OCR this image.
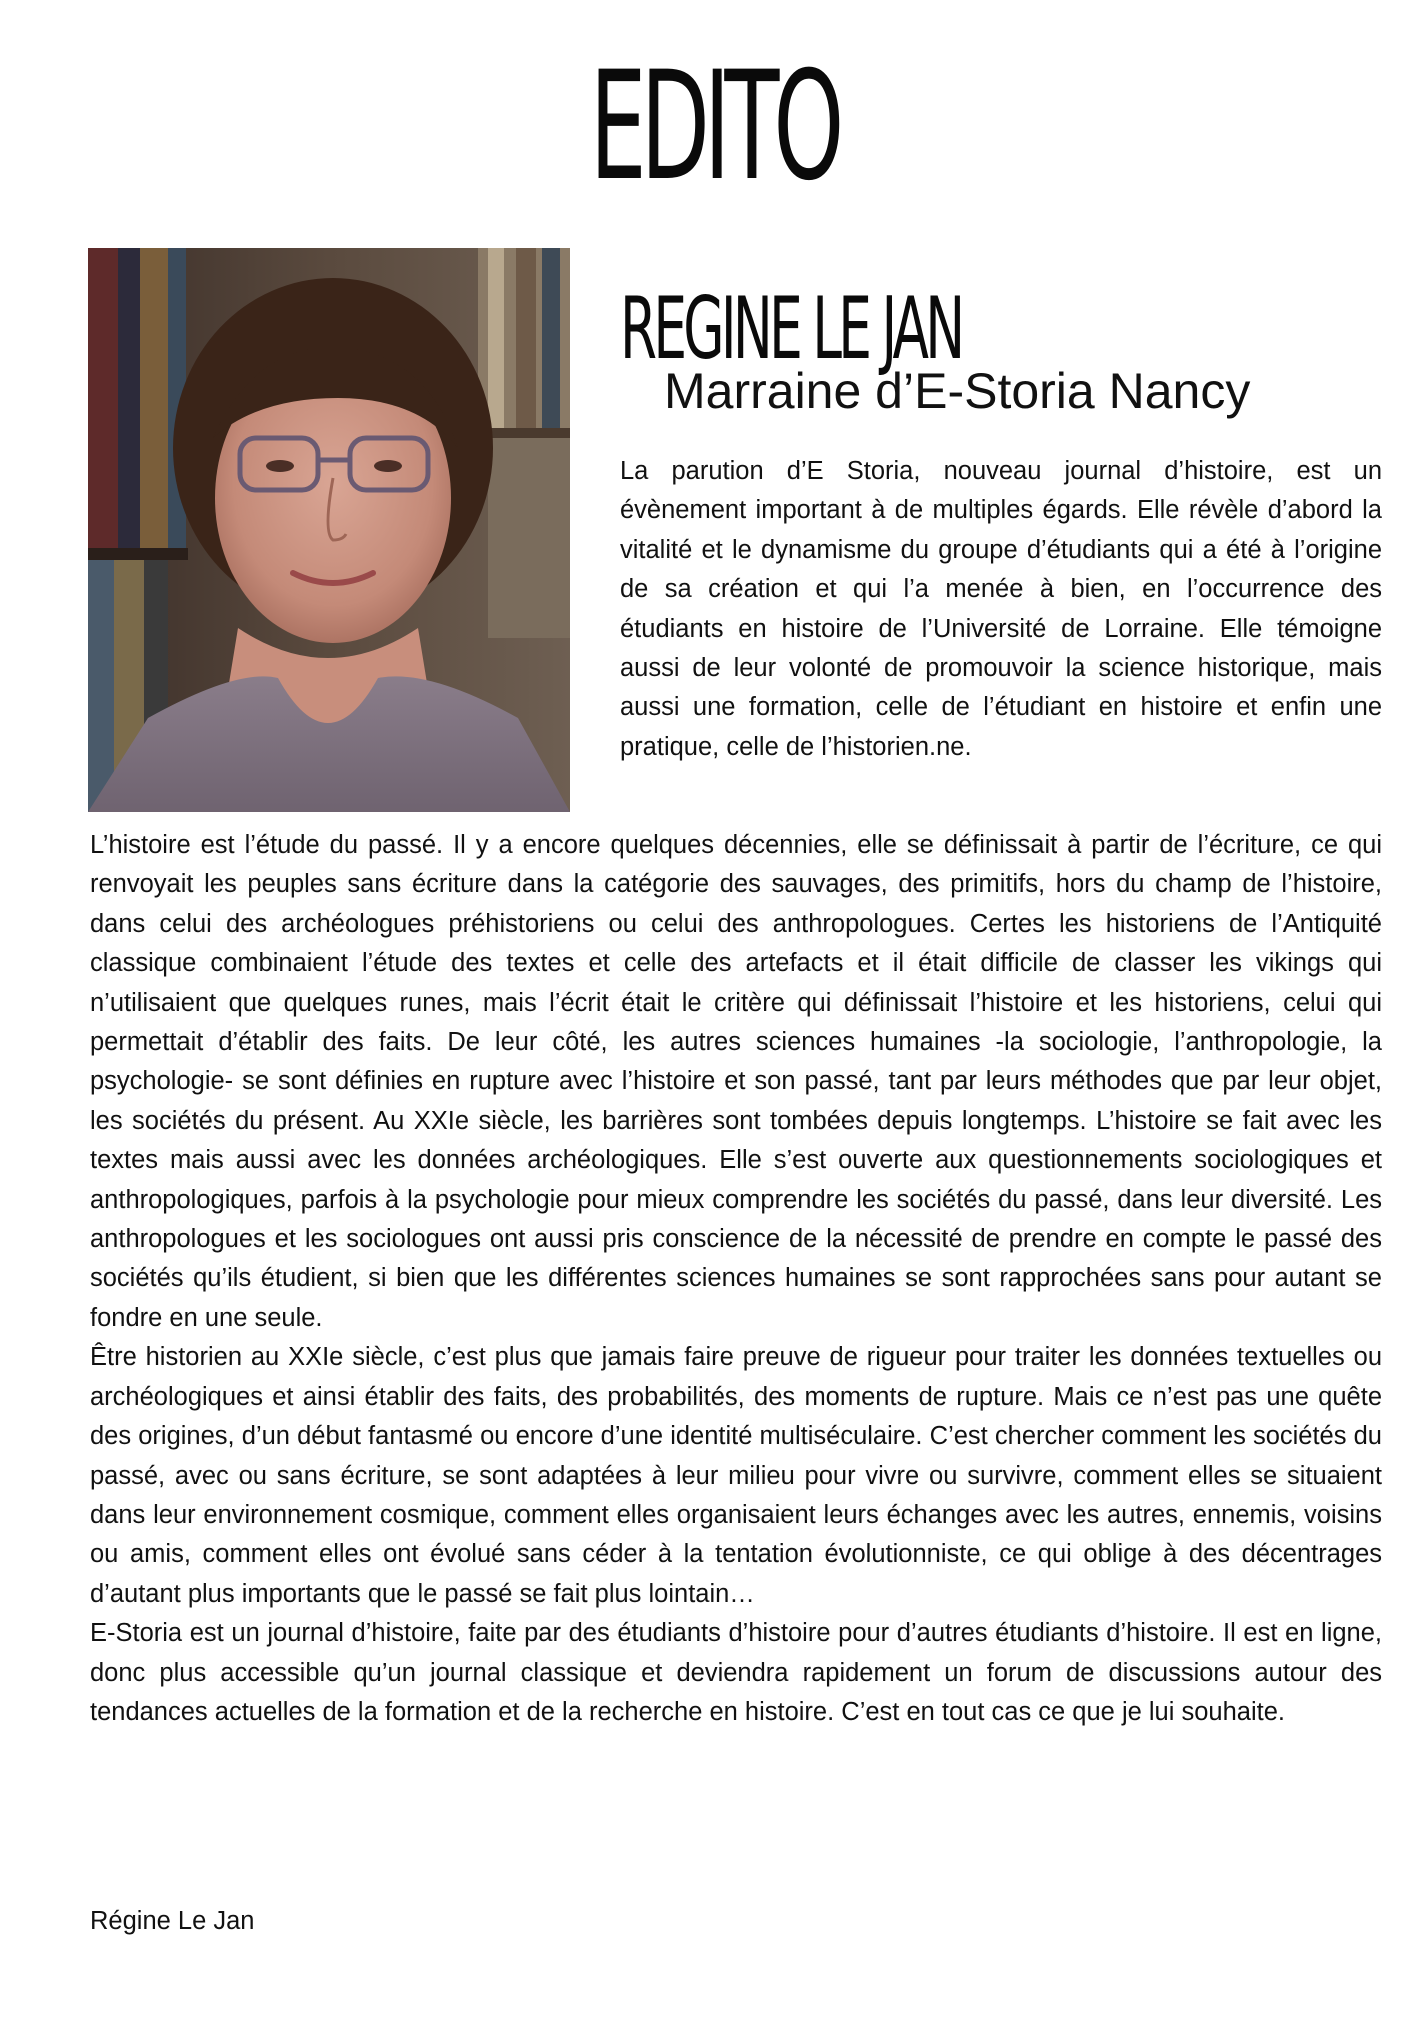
EDITO
REGINE LE JAN
Marraine d’E-Storia Nancy

La parution d’E Storia, nouveau journal d’histoire, est un évènement important à de multiples égards. Elle révèle d’abord la vitalité et le dynamisme du groupe d’étudiants qui a été à l’origine de sa création et qui l’a menée à bien, en l’occurrence des étudiants en histoire de l’Université de Lorraine. Elle témoigne aussi de leur volonté de promouvoir la science historique, mais aussi une formation, celle de l’étudiant en histoire et enfin une pratique, celle de l’historien.ne.

L’histoire est l’étude du passé. Il y a encore quelques décennies, elle se définissait à partir de l’écriture, ce qui renvoyait les peuples sans écriture dans la catégorie des sauvages, des primitifs, hors du champ de l’histoire, dans celui des archéologues préhistoriens ou celui des anthropologues. Certes les historiens de l’Antiquité classique combinaient l’étude des textes et celle des artefacts et il était difficile de classer les vikings qui n’utilisaient que quelques runes, mais l’écrit était le critère qui définissait l’histoire et les historiens, celui qui permettait d’établir des faits. De leur côté, les autres sciences humaines -la sociologie, l’anthropologie, la psychologie- se sont définies en rupture avec l’histoire et son passé, tant par leurs méthodes que par leur objet, les sociétés du présent. Au XXIe siècle, les barrières sont tombées depuis longtemps. L’histoire se fait avec les textes mais aussi avec les données archéologiques. Elle s’est ouverte aux questionnements sociologiques et anthropologiques, parfois à la psychologie pour mieux comprendre les sociétés du passé, dans leur diversité. Les anthropologues et les sociologues ont aussi pris conscience de la nécessité de prendre en compte le passé des sociétés qu’ils étudient, si bien que les différentes sciences humaines se sont rapprochées sans pour autant se fondre en une seule.

Être historien au XXIe siècle, c’est plus que jamais faire preuve de rigueur pour traiter les données textuelles ou archéologiques et ainsi établir des faits, des probabilités, des moments de rupture. Mais ce n’est pas une quête des origines, d’un début fantasmé ou encore d’une identité multiséculaire. C’est chercher comment les sociétés du passé, avec ou sans écriture, se sont adaptées à leur milieu pour vivre ou survivre, comment elles se situaient dans leur environnement cosmique, comment elles organisaient leurs échanges avec les autres, ennemis, voisins ou amis, comment elles ont évolué sans céder à la tentation évolutionniste, ce qui oblige à des décentrages d’autant plus importants que le passé se fait plus lointain…

E-Storia est un journal d’histoire, faite par des étudiants d’histoire pour d’autres étudiants d’histoire. Il est en ligne, donc plus accessible qu’un journal classique et deviendra rapidement un forum de discussions autour des tendances actuelles de la formation et de la recherche en histoire. C’est en tout cas ce que je lui souhaite.

Régine Le Jan
